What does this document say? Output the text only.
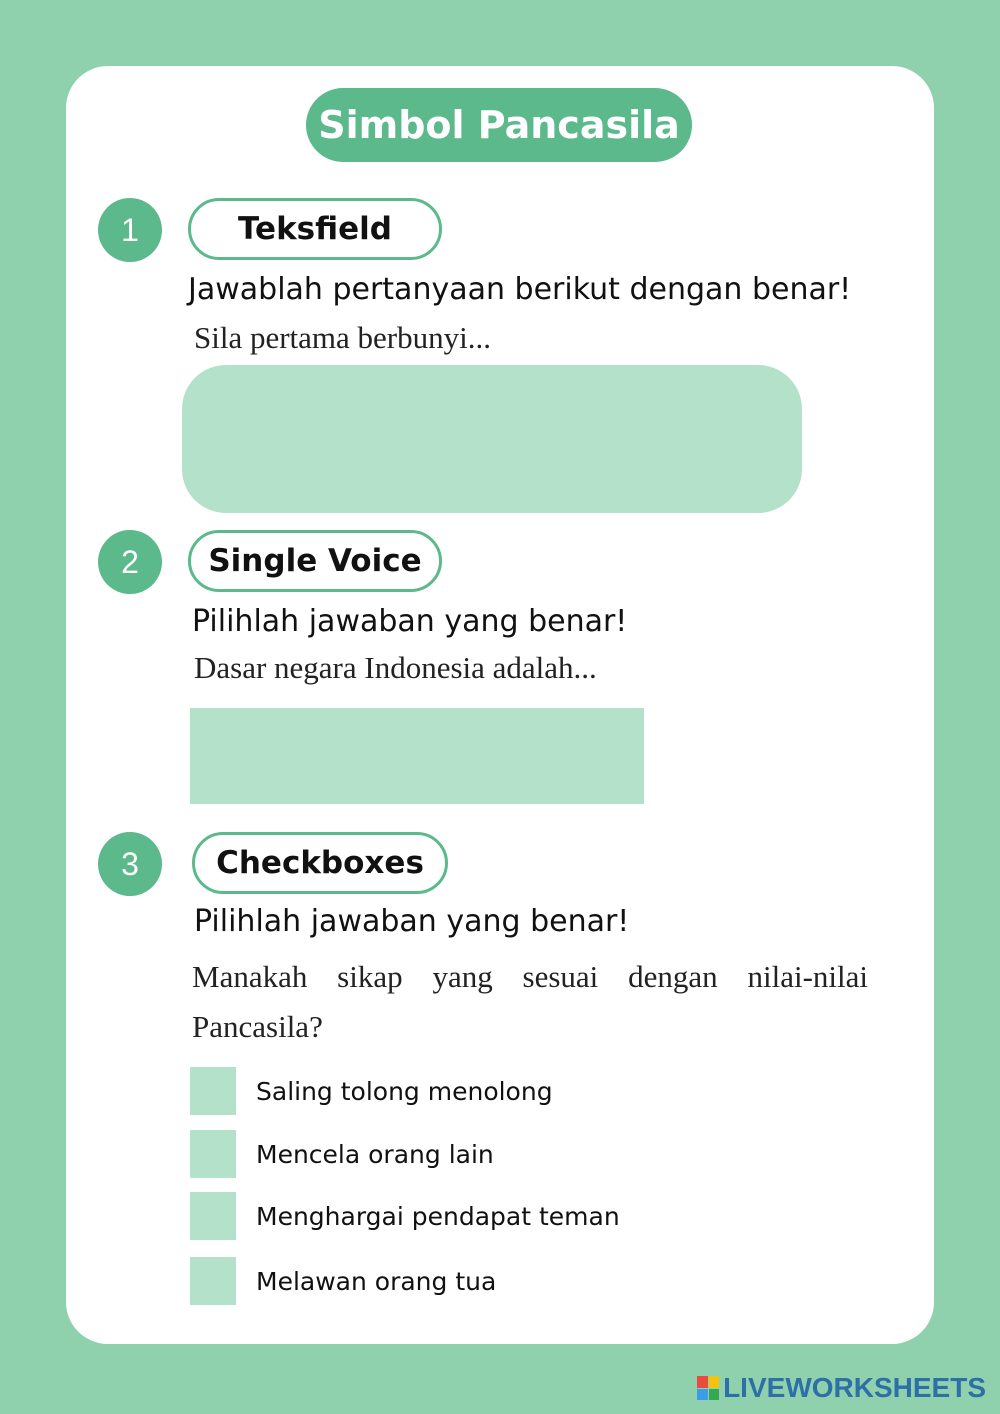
Simbol Pancasila
1	Teksfield
Jawablah pertanyaan berikut dengan benar!
Sila pertama berbunyi...
2	Single Voice
Pilihlah jawaban yang benar!
Dasar negara Indonesia adalah...
3	Checkboxes
Pilihlah jawaban yang benar!
Manakah sikap yang sesuai dengan nilai-nilai Pancasila?
Saling tolong menolong
Mencela orang lain
Menghargai pendapat teman
Melawan orang tua
LIVEWORKSHEETS
